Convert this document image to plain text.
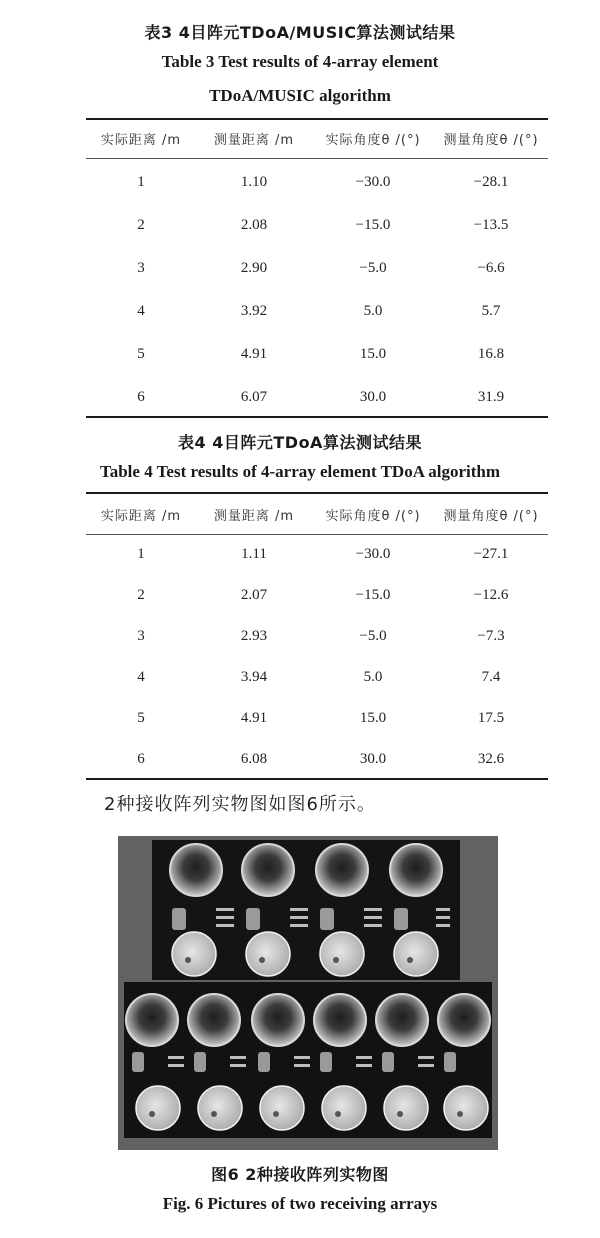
表3 4目阵元TDoA/MUSIC算法测试结果
Table 3 Test results of 4-array element
TDoA/MUSIC algorithm
实际距离 /m	测量距离 /m	实际角度θ /(°)	测量角度θ /(°)
1	1.10	−30.0	−28.1
2	2.08	−15.0	−13.5
3	2.90	−5.0	−6.6
4	3.92	5.0	5.7
5	4.91	15.0	16.8
6	6.07	30.0	31.9
表4 4目阵元TDoA算法测试结果
Table 4 Test results of 4-array element TDoA algorithm
实际距离 /m	测量距离 /m	实际角度θ /(°)	测量角度θ /(°)
1	1.11	−30.0	−27.1
2	2.07	−15.0	−12.6
3	2.93	−5.0	−7.3
4	3.94	5.0	7.4
5	4.91	15.0	17.5
6	6.08	30.0	32.6
2种接收阵列实物图如图6所示。
图6 2种接收阵列实物图
Fig. 6 Pictures of two receiving arrays
